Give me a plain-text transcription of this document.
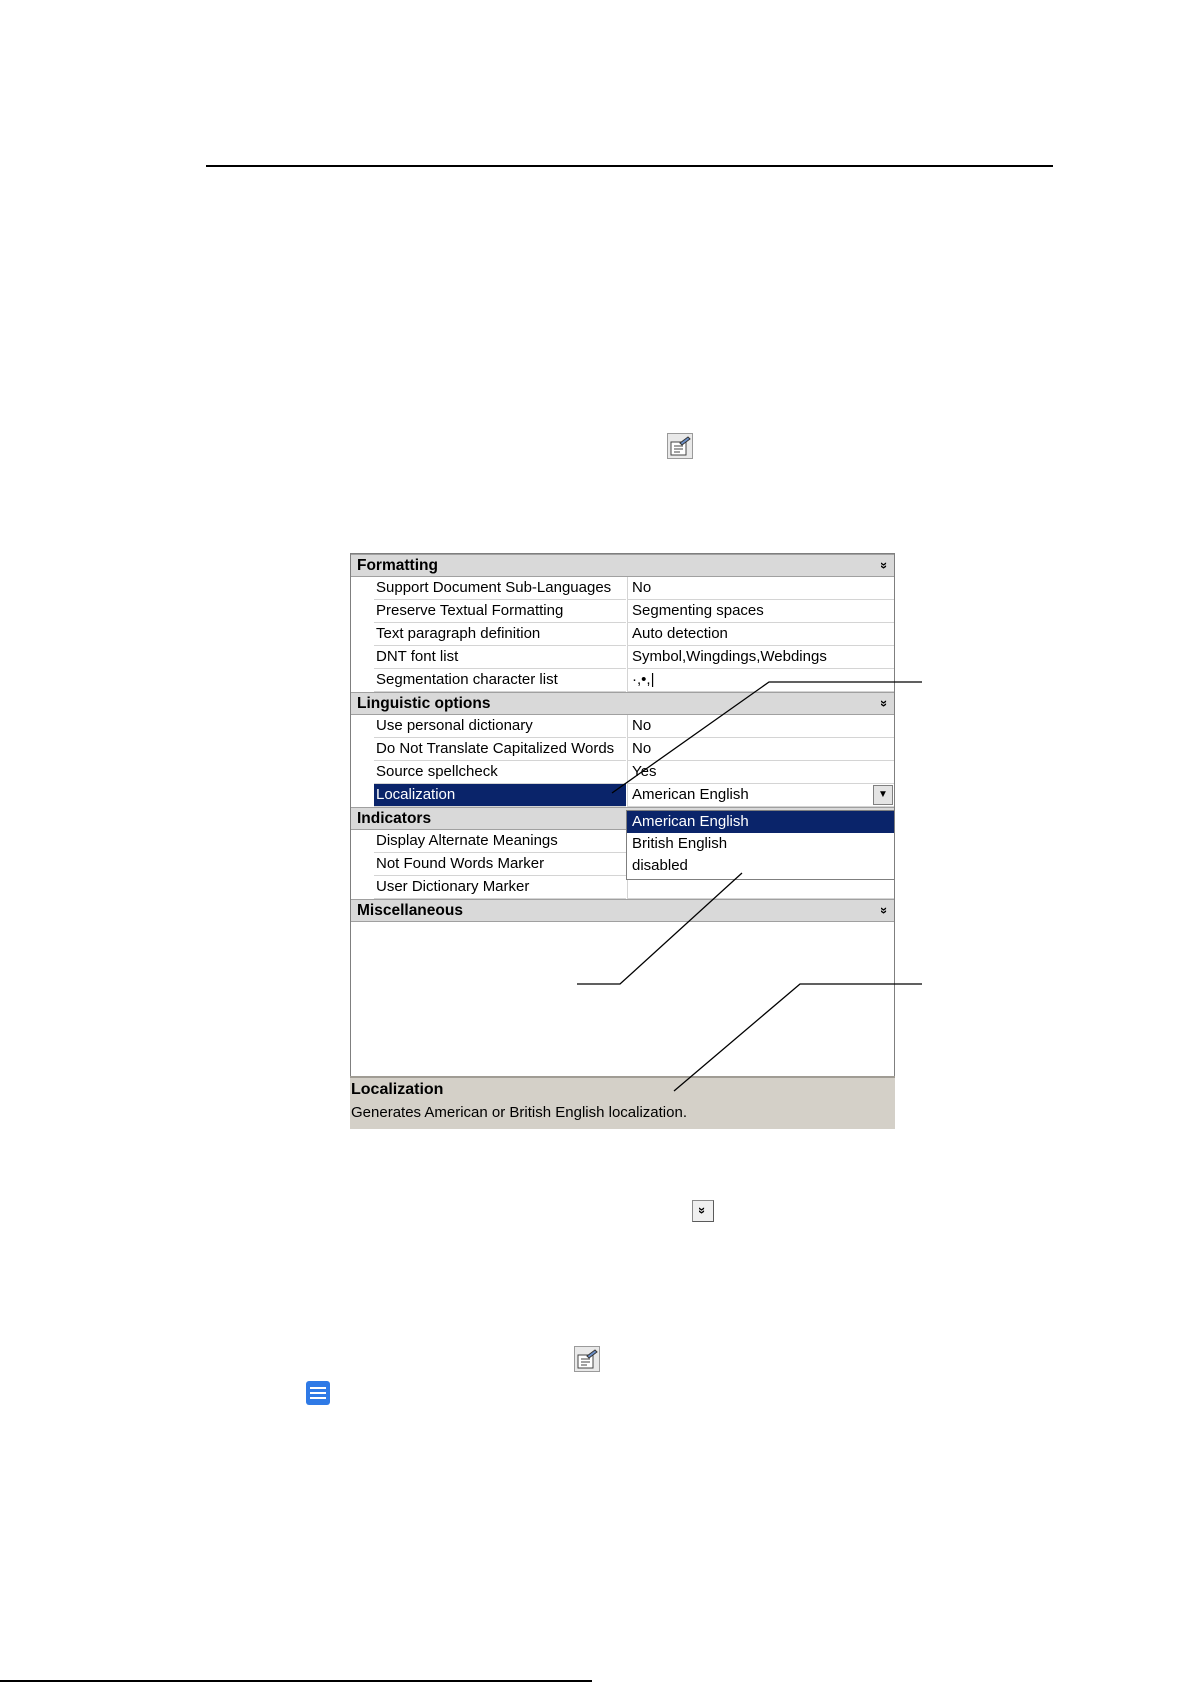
»
Formatting	»
Support Document Sub-Languages	No
Preserve Textual Formatting	Segmenting spaces
Text paragraph definition	Auto detection
DNT font list	Symbol,Wingdings,Webdings
Segmentation character list	·,•,|
Linguistic options	»
Use personal dictionary	No
Do Not Translate Capitalized Words	No
Source spellcheck	Yes
Localization	American English	▼
Indicators
Display Alternate Meanings
Not Found Words Marker
User Dictionary Marker
Miscellaneous	»
American English
British English
disabled
Localization
Generates American or British English localization.
